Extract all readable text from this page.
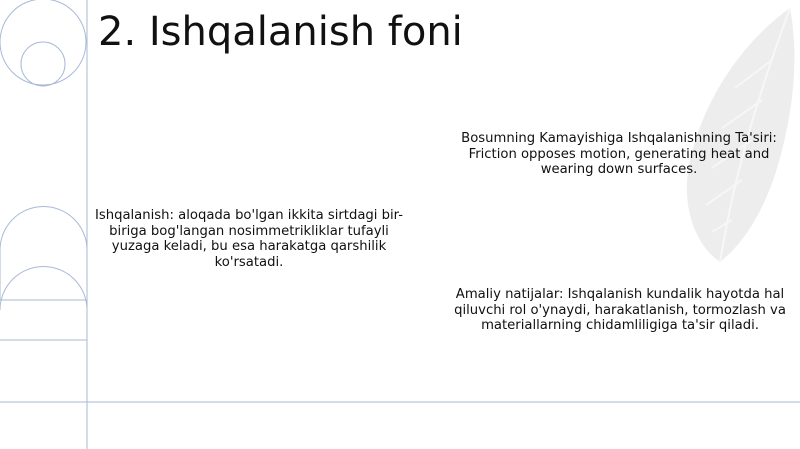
2. Ishqalanish foni

Ishqalanish: aloqada bo'lgan ikkita sirtdagi bir-biriga bog'langan nosimmetrikliklar tufayli yuzaga keladi, bu esa harakatga qarshilik ko'rsatadi.

Bosumning Kamayishiga Ishqalanishning Ta'siri: Friction opposes motion, generating heat and wearing down surfaces.

Amaliy natijalar: Ishqalanish kundalik hayotda hal qiluvchi rol o'ynaydi, harakatlanish, tormozlash va materiallarning chidamliligiga ta'sir qiladi.
